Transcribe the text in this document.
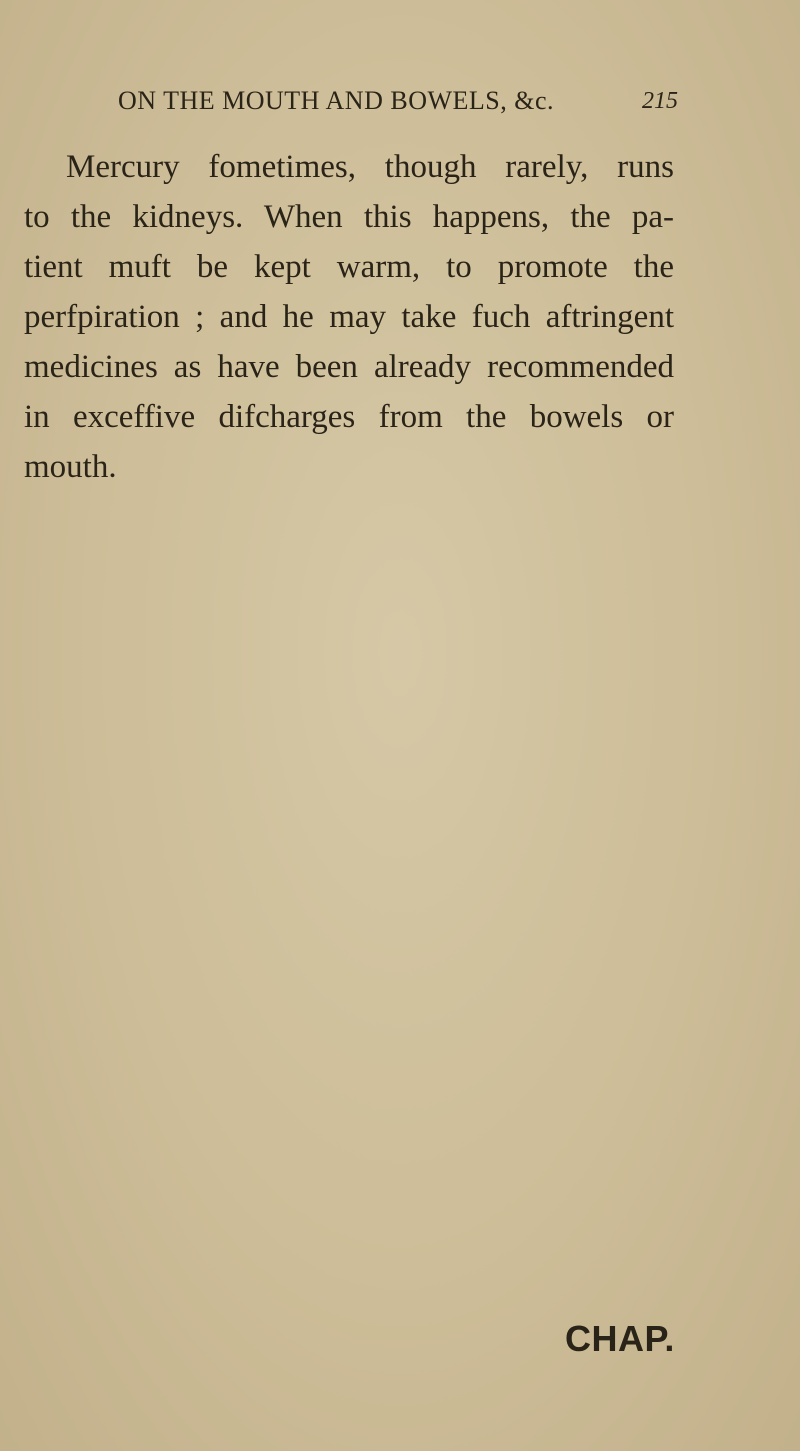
ON THE MOUTH AND BOWELS, &c.	215
Mercury fometimes, though rarely, runs
to the kidneys. When this happens, the pa-
tient muft be kept warm, to promote the
perfpiration ; and he may take fuch aftringent
medicines as have been already recommended
in exceffive difcharges from the bowels or
mouth.
CHAP.
